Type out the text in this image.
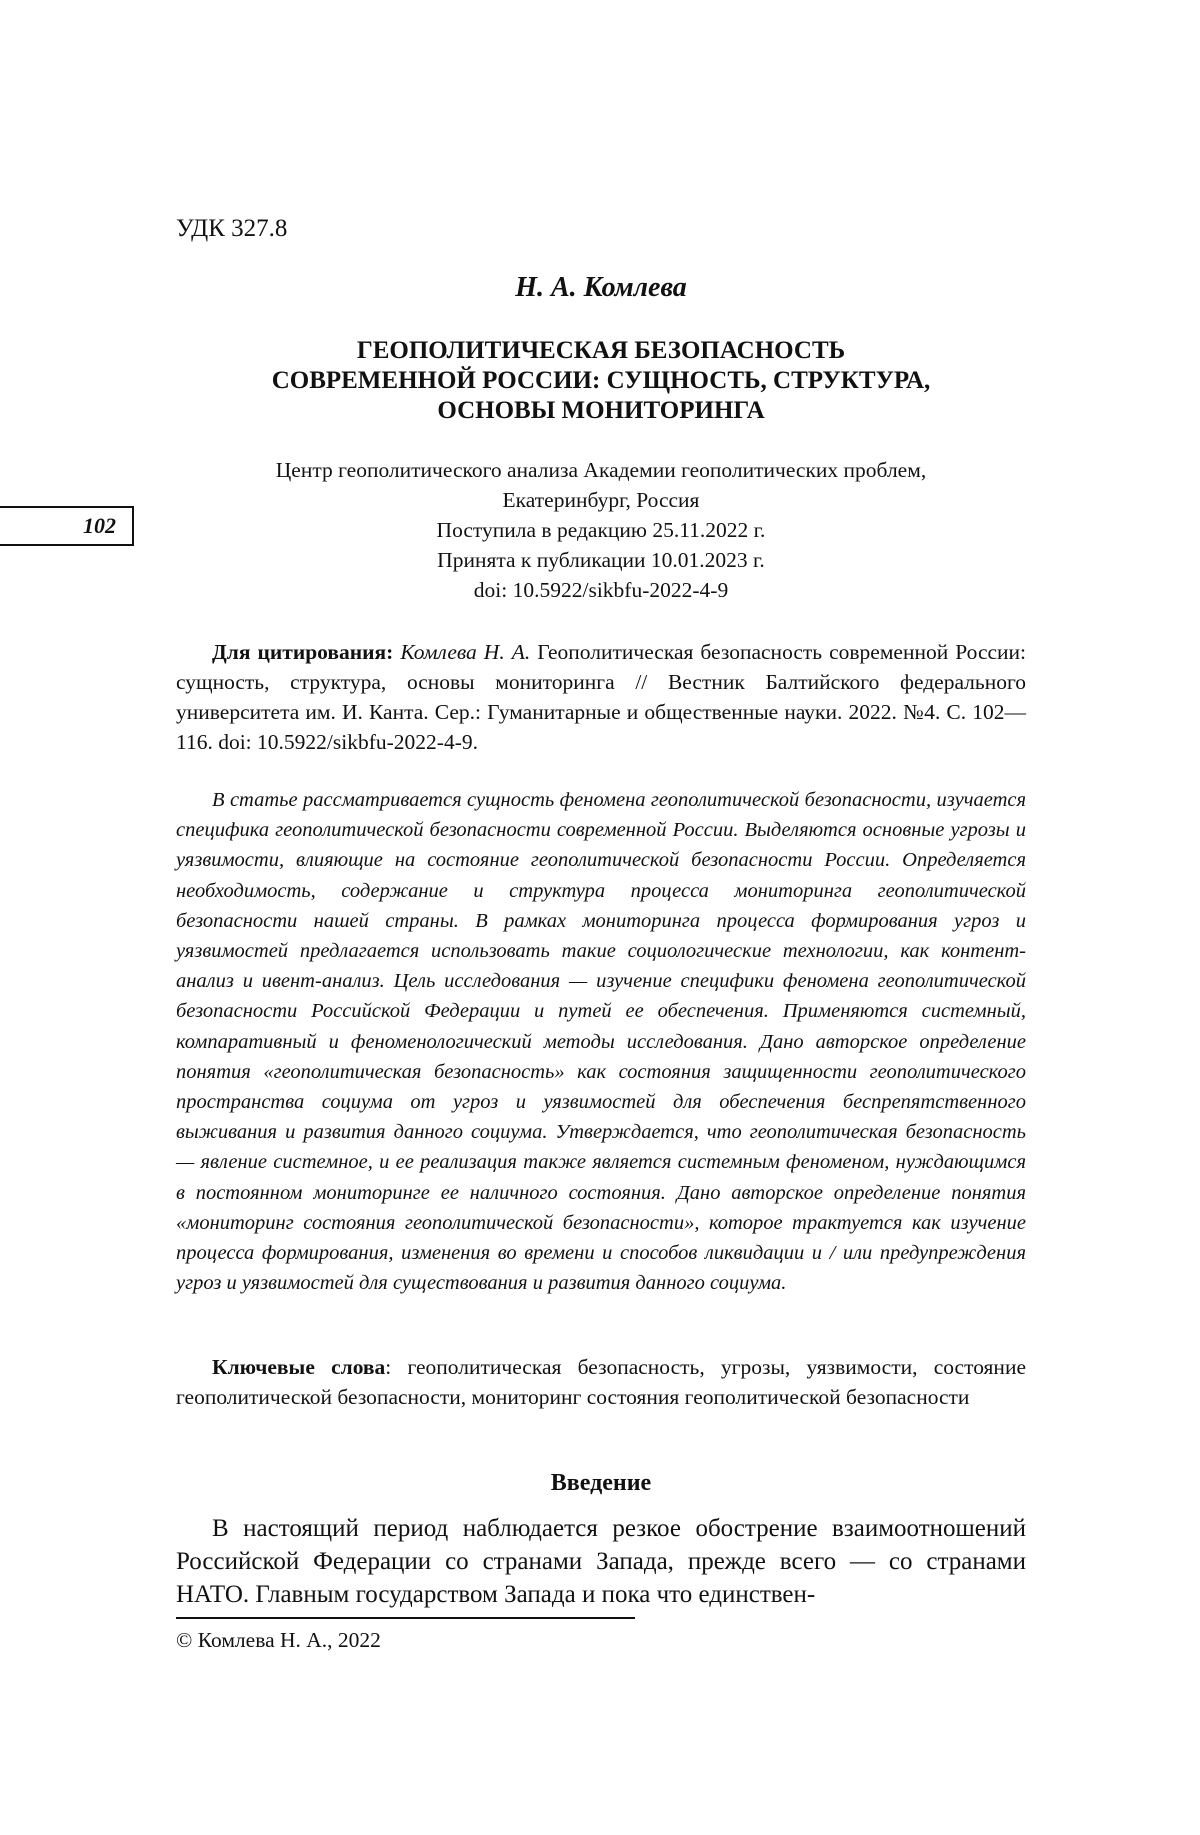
УДК 327.8
Н. А. Комлева
ГЕОПОЛИТИЧЕСКАЯ БЕЗОПАСНОСТЬ
СОВРЕМЕННОЙ РОССИИ: СУЩНОСТЬ, СТРУКТУРА,
ОСНОВЫ МОНИТОРИНГА
Центр геополитического анализа Академии геополитических проблем,
Екатеринбург, Россия
Поступила в редакцию 25.11.2022 г.
Принята к публикации 10.01.2023 г.
doi: 10.5922/sikbfu-2022-4-9
102
Для цитирования: Комлева Н. А. Геополитическая безопасность современной России: сущность, структура, основы мониторинга // Вестник Балтийского федерального университета им. И. Канта. Сер.: Гуманитарные и общественные науки. 2022. №4. С. 102—116. doi: 10.5922/sikbfu-2022-4-9.
В статье рассматривается сущность феномена геополитической безопасности, изучается специфика геополитической безопасности современной России. Выделяются основные угрозы и уязвимости, влияющие на состояние геополитической безопасности России. Определяется необходимость, содержание и структура процесса мониторинга геополитической безопасности нашей страны. В рамках мониторинга процесса формирования угроз и уязвимостей предлагается использовать такие социологические технологии, как контент-анализ и ивент-анализ. Цель исследования — изучение специфики феномена геополитической безопасности Российской Федерации и путей ее обеспечения. Применяются системный, компаративный и феноменологический методы исследования. Дано авторское определение понятия «геополитическая безопасность» как состояния защищенности геополитического пространства социума от угроз и уязвимостей для обеспечения беспрепятственного выживания и развития данного социума. Утверждается, что геополитическая безопасность — явление системное, и ее реализация также является системным феноменом, нуждающимся в постоянном мониторинге ее наличного состояния. Дано авторское определение понятия «мониторинг состояния геополитической безопасности», которое трактуется как изучение процесса формирования, изменения во времени и способов ликвидации и / или предупреждения угроз и уязвимостей для существования и развития данного социума.
Ключевые слова: геополитическая безопасность, угрозы, уязвимости, состояние геополитической безопасности, мониторинг состояния геополитической безопасности
Введение
В настоящий период наблюдается резкое обострение взаимоотношений Российской Федерации со странами Запада, прежде всего — со странами НАТО. Главным государством Запада и пока что единствен-
© Комлева Н. А., 2022
